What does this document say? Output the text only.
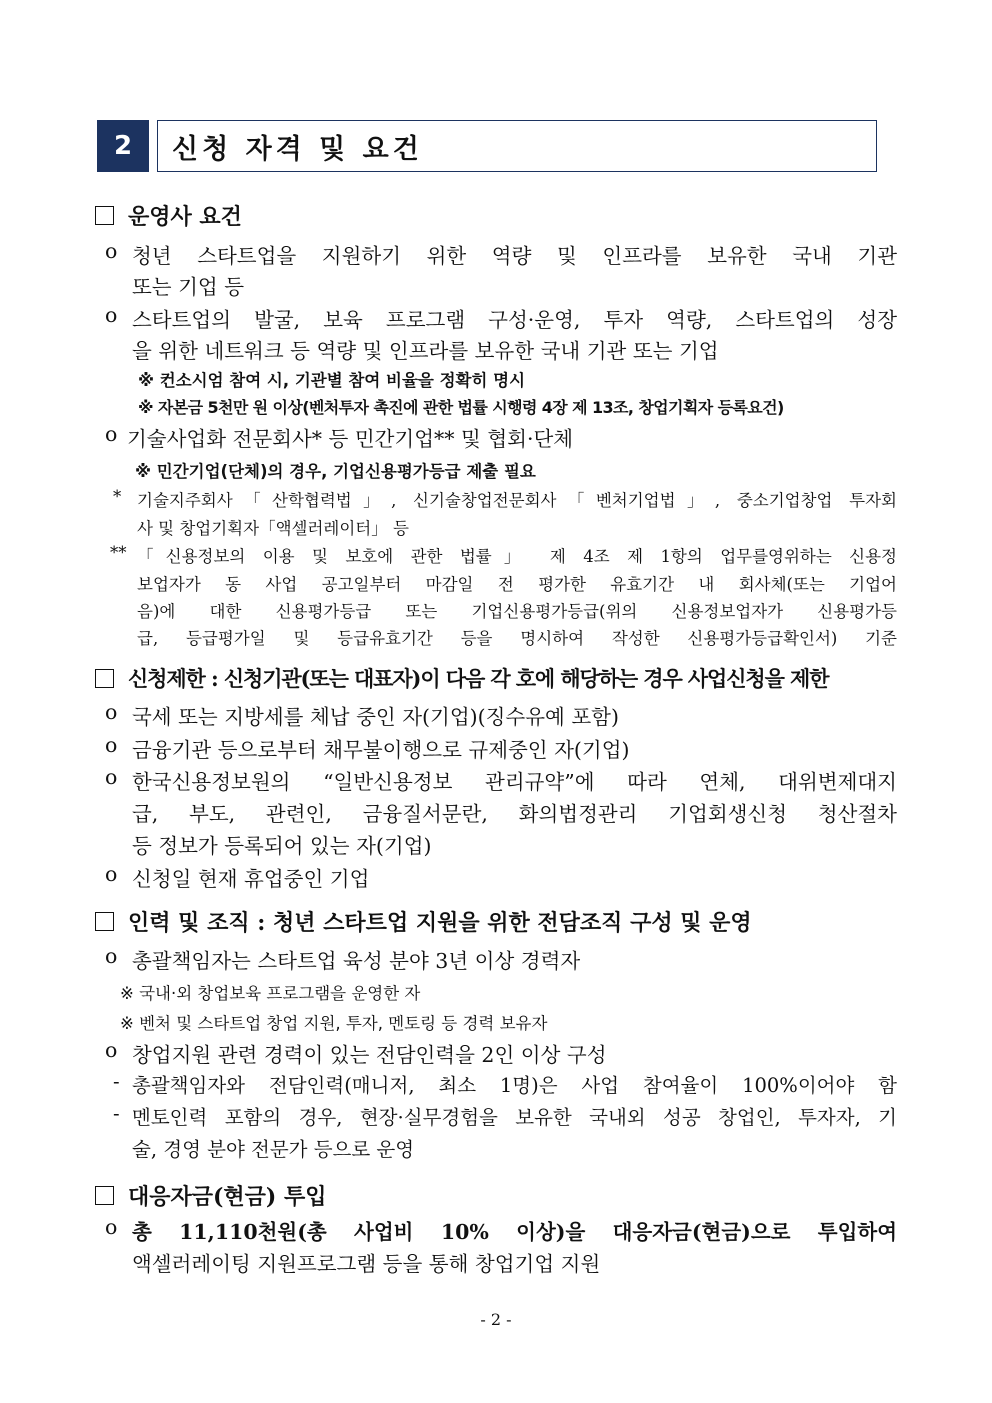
2	신청 자격 및 요건
운영사 요건
o 청년 스타트업을 지원하기 위한 역량 및 인프라를 보유한 국내 기관
또는 기업 등
o 스타트업의 발굴, 보육 프로그램 구성·운영, 투자 역량, 스타트업의 성장
을 위한 네트워크 등 역량 및 인프라를 보유한 국내 기관 또는 기업
※ 컨소시엄 참여 시, 기관별 참여 비율을 정확히 명시
※ 자본금 5천만 원 이상(벤처투자 촉진에 관한 법률 시행령 4장 제 13조, 창업기획자 등록요건)
o 기술사업화 전문회사* 등 민간기업** 및 협회·단체
※ 민간기업(단체)의 경우, 기업신용평가등급 제출 필요
* 기술지주회사「산학협력법」, 신기술창업전문회사「벤처기업법」, 중소기업창업 투자회
사 및 창업기획자「액셀러레이터」 등
** 「신용정보의 이용 및 보호에 관한 법률」 제 4조 제 1항의 업무를영위하는 신용정
보업자가 동 사업 공고일부터 마감일 전 평가한 유효기간 내 회사체(또는 기업어
음)에 대한 신용평가등급 또는 기업신용평가등급(위의 신용정보업자가 신용평가등
급, 등급평가일 및 등급유효기간 등을 명시하여 작성한 신용평가등급확인서) 기준
신청제한 : 신청기관(또는 대표자)이 다음 각 호에 해당하는 경우 사업신청을 제한
o 국세 또는 지방세를 체납 중인 자(기업)(징수유예 포함)
o 금융기관 등으로부터 채무불이행으로 규제중인 자(기업)
o 한국신용정보원의 “일반신용정보 관리규약”에 따라 연체, 대위변제대지
급, 부도, 관련인, 금융질서문란, 화의법정관리 기업회생신청 청산절차
등 정보가 등록되어 있는 자(기업)
o 신청일 현재 휴업중인 기업
인력 및 조직 : 청년 스타트업 지원을 위한 전담조직 구성 및 운영
o 총괄책임자는 스타트업 육성 분야 3년 이상 경력자
※ 국내·외 창업보육 프로그램을 운영한 자
※ 벤처 및 스타트업 창업 지원, 투자, 멘토링 등 경력 보유자
o 창업지원 관련 경력이 있는 전담인력을 2인 이상 구성
- 총괄책임자와 전담인력(매니저, 최소 1명)은 사업 참여율이 100%이어야 함
- 멘토인력 포함의 경우, 현장·실무경험을 보유한 국내외 성공 창업인, 투자자, 기
술, 경영 분야 전문가 등으로 운영
대응자금(현금) 투입
o 총 11,110천원(총 사업비 10% 이상)을 대응자금(현금)으로 투입하여
액셀러레이팅 지원프로그램 등을 통해 창업기업 지원
- 2 -
